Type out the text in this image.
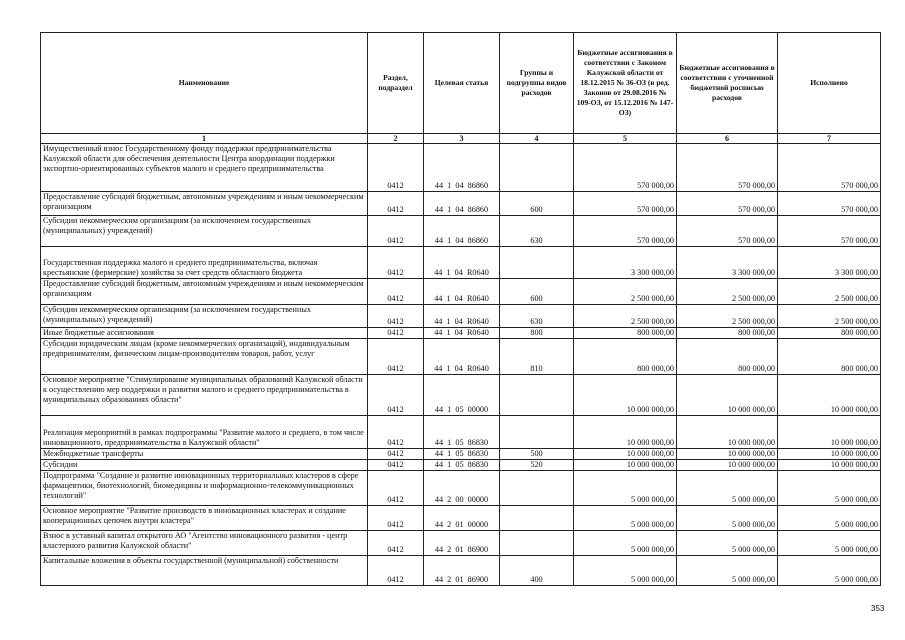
Наименование	Раздел, подраздел	Целевая статья	Группы и подгруппы видов расходов	Бюджетные ассигнования в соответствии с Законом Калужской области от 18.12.2015 № 36-ОЗ (в ред. Законов от 29.08.2016 № 109-ОЗ, от 15.12.2016 № 147-ОЗ)	Бюджетные ассигнования в соответствии с уточненной бюджетной росписью расходов	Исполнено
1	2	3	4	5	6	7
Имущественный взнос Государственному фонду поддержки предпринимательства Калужской области для обеспечения деятельности Центра координации поддержки экспортно-ориентированных субъектов малого и среднего предпринимательства	0412	44  1  04  86860		570 000,00	570 000,00	570 000,00
Предоставление субсидий бюджетным, автономным учреждениям и иным некоммерческим организациям	0412	44  1  04  86860	600	570 000,00	570 000,00	570 000,00
Субсидии некоммерческим организациям (за исключением государственных (муниципальных) учреждений)	0412	44  1  04  86860	630	570 000,00	570 000,00	570 000,00
Государственная поддержка малого и среднего предпринимательства, включая крестьянские (фермерские) хозяйства за счет средств областного бюджета	0412	44  1  04  R0640		3 300 000,00	3 300 000,00	3 300 000,00
Предоставление субсидий бюджетным, автономным учреждениям и иным некоммерческим организациям	0412	44  1  04  R0640	600	2 500 000,00	2 500 000,00	2 500 000,00
Субсидии некоммерческим организациям (за исключением государственных (муниципальных) учреждений)	0412	44  1  04  R0640	630	2 500 000,00	2 500 000,00	2 500 000,00
Иные бюджетные ассигнования	0412	44  1  04  R0640	800	800 000,00	800 000,00	800 000,00
Субсидии юридическим лицам (кроме некоммерческих организаций), индивидуальным предпринимателям, физическим лицам-производителям товаров, работ, услуг	0412	44  1  04  R0640	810	800 000,00	800 000,00	800 000,00
Основное мероприятие "Стимулирование муниципальных образований Калужской области к осуществлению мер поддержки и развития малого и среднего предпринимательства в муниципальных образованиях области"	0412	44  1  05  00000		10 000 000,00	10 000 000,00	10 000 000,00
Реализация мероприятий в рамках подпрограммы "Развитие малого и среднего, в том числе инновационного, предпринимательства в Калужской области"	0412	44  1  05  86830		10 000 000,00	10 000 000,00	10 000 000,00
Межбюджетные трансферты	0412	44  1  05  86830	500	10 000 000,00	10 000 000,00	10 000 000,00
Субсидии	0412	44  1  05  86830	520	10 000 000,00	10 000 000,00	10 000 000,00
Подпрограмма "Создание и развитие инновационных территориальных кластеров в сфере фармацевтики, биотехнологий, биомедицины и информационно-телекоммуникационных технологий"	0412	44  2  00  00000		5 000 000,00	5 000 000,00	5 000 000,00
Основное мероприятие "Развитие производств в инновационных кластерах и создание кооперационных цепочек внутри кластера"	0412	44  2  01  00000		5 000 000,00	5 000 000,00	5 000 000,00
Взнос в уставный капитал открытого АО "Агентство инновационного развития - центр кластерного развития Калужской области"	0412	44  2  01  86900		5 000 000,00	5 000 000,00	5 000 000,00
Капитальные вложения в объекты государственной (муниципальной) собственности	0412	44  2  01  86900	400	5 000 000,00	5 000 000,00	5 000 000,00
353
